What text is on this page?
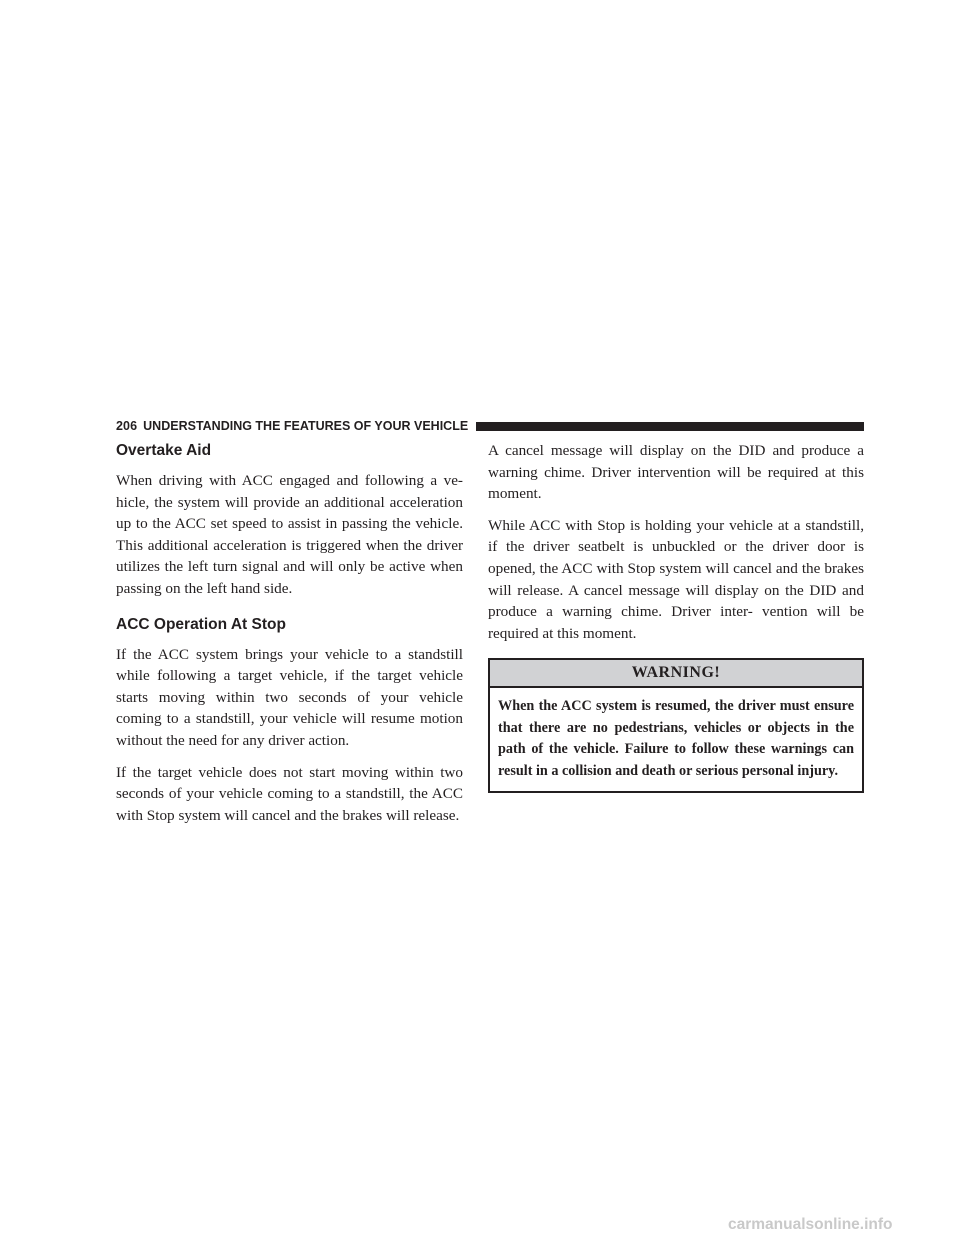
206 UNDERSTANDING THE FEATURES OF YOUR VEHICLE
Overtake Aid

When driving with ACC engaged and following a ve- hicle, the system will provide an additional acceleration up to the ACC set speed to assist in passing the vehicle. This additional acceleration is triggered when the driver utilizes the left turn signal and will only be active when passing on the left hand side.

ACC Operation At Stop

If the ACC system brings your vehicle to a standstill while following a target vehicle, if the target vehicle starts moving within two seconds of your vehicle coming to a standstill, your vehicle will resume motion without the need for any driver action.

If the target vehicle does not start moving within two seconds of your vehicle coming to a standstill, the ACC with Stop system will cancel and the brakes will release.

A cancel message will display on the DID and produce a warning chime. Driver intervention will be required at this moment.

While ACC with Stop is holding your vehicle at a standstill, if the driver seatbelt is unbuckled or the driver door is opened, the ACC with Stop system will cancel and the brakes will release. A cancel message will display on the DID and produce a warning chime. Driver inter- vention will be required at this moment.

WARNING!

When the ACC system is resumed, the driver must ensure that there are no pedestrians, vehicles or objects in the path of the vehicle. Failure to follow these warnings can result in a collision and death or serious personal injury.

carmanualsonline.info
